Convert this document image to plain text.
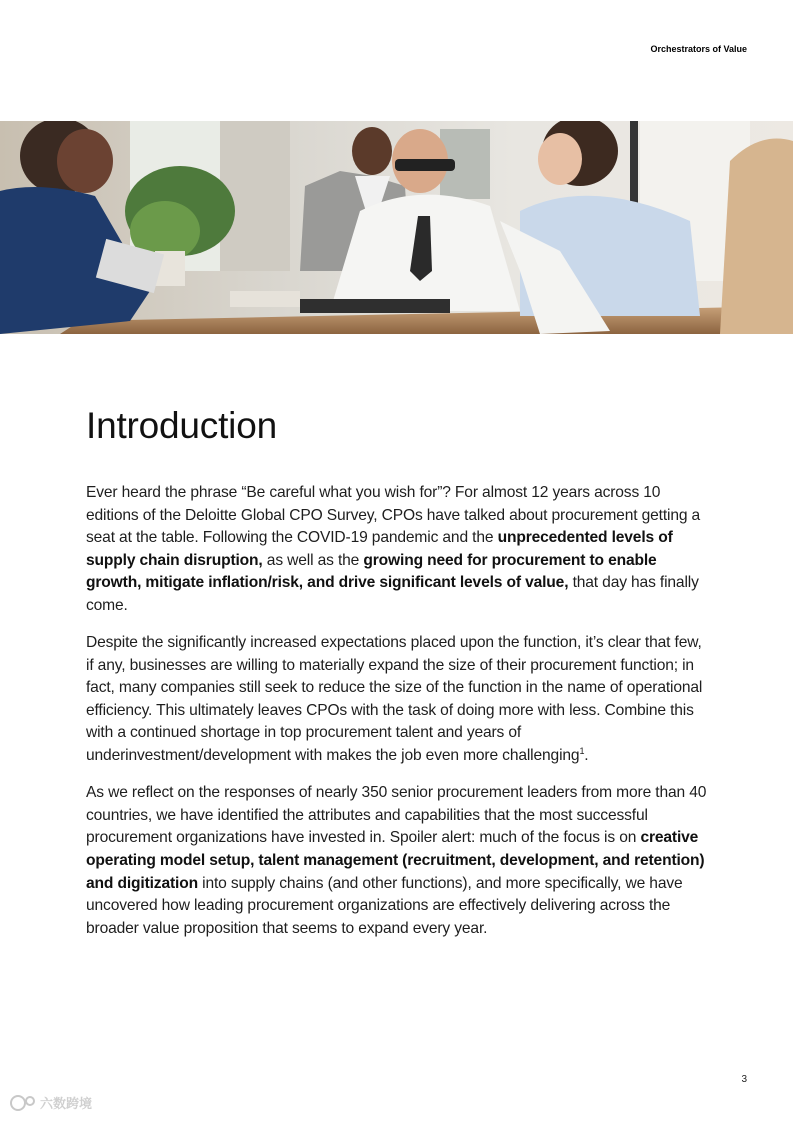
Orchestrators of Value
Introduction

Ever heard the phrase “Be careful what you wish for”? For almost 12 years across 10 editions of the Deloitte Global CPO Survey, CPOs have talked about procurement getting a seat at the table. Following the COVID-19 pandemic and the unprecedented levels of supply chain disruption, as well as the growing need for procurement to enable growth, mitigate inflation/risk, and drive significant levels of value, that day has finally come.

Despite the significantly increased expectations placed upon the function, it’s clear that few, if any, businesses are willing to materially expand the size of their procurement function; in fact, many companies still seek to reduce the size of the function in the name of operational efficiency. This ultimately leaves CPOs with the task of doing more with less. Combine this with a continued shortage in top procurement talent and years of underinvestment/development with makes the job even more challenging$^1$.

As we reflect on the responses of nearly 350 senior procurement leaders from more than 40 countries, we have identified the attributes and capabilities that the most successful procurement organizations have invested in. Spoiler alert: much of the focus is on creative operating model setup, talent management (recruitment, development, and retention) and digitization into supply chains (and other functions), and more specifically, we have uncovered how leading procurement organizations are effectively delivering across the broader value proposition that seems to expand every year.

3
六数跨境
